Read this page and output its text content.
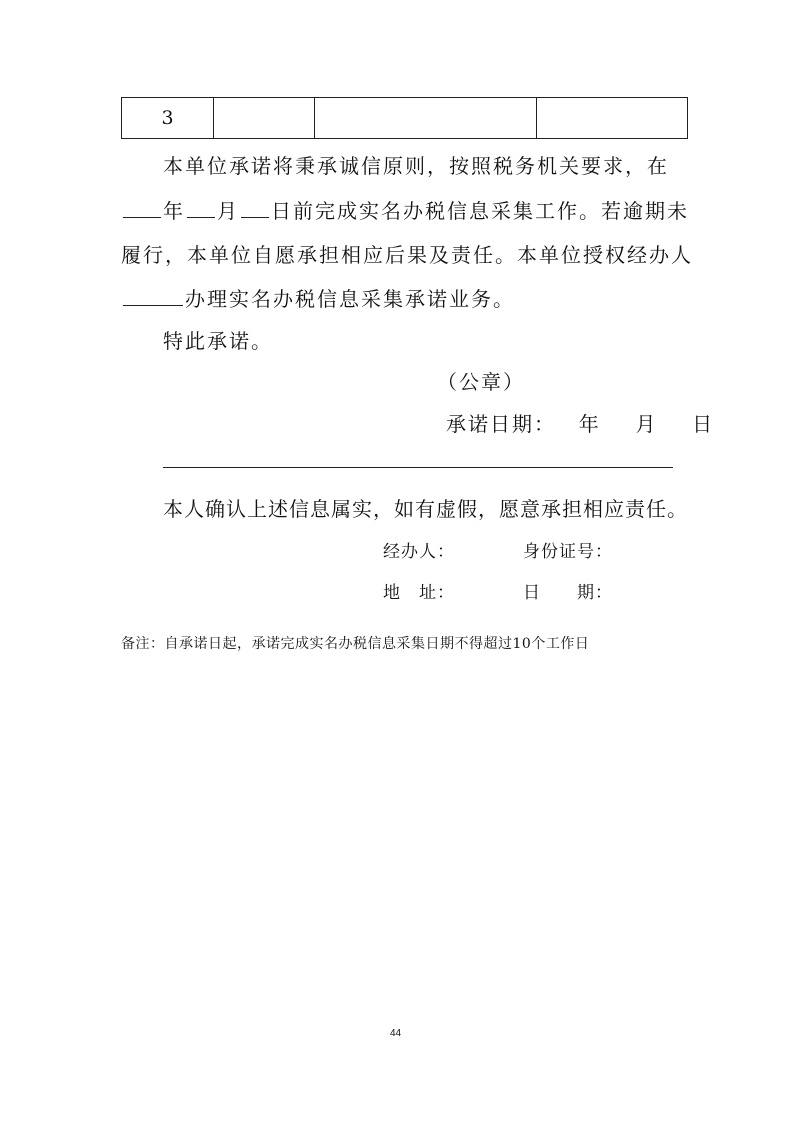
3
本单位承诺将秉承诚信原则，按照税务机关要求，在
年 月 日前完成实名办税信息采集工作。若逾期未
履行，本单位自愿承担相应后果及责任。本单位授权经办人
办理实名办税信息采集承诺业务。
特此承诺。
（公章）
承诺日期： 年 月 日
本人确认上述信息属实，如有虚假，愿意承担相应责任。
经办人：	身份证号：
地　址：	日　　期：
备注：自承诺日起，承诺完成实名办税信息采集日期不得超过10个工作日
44
